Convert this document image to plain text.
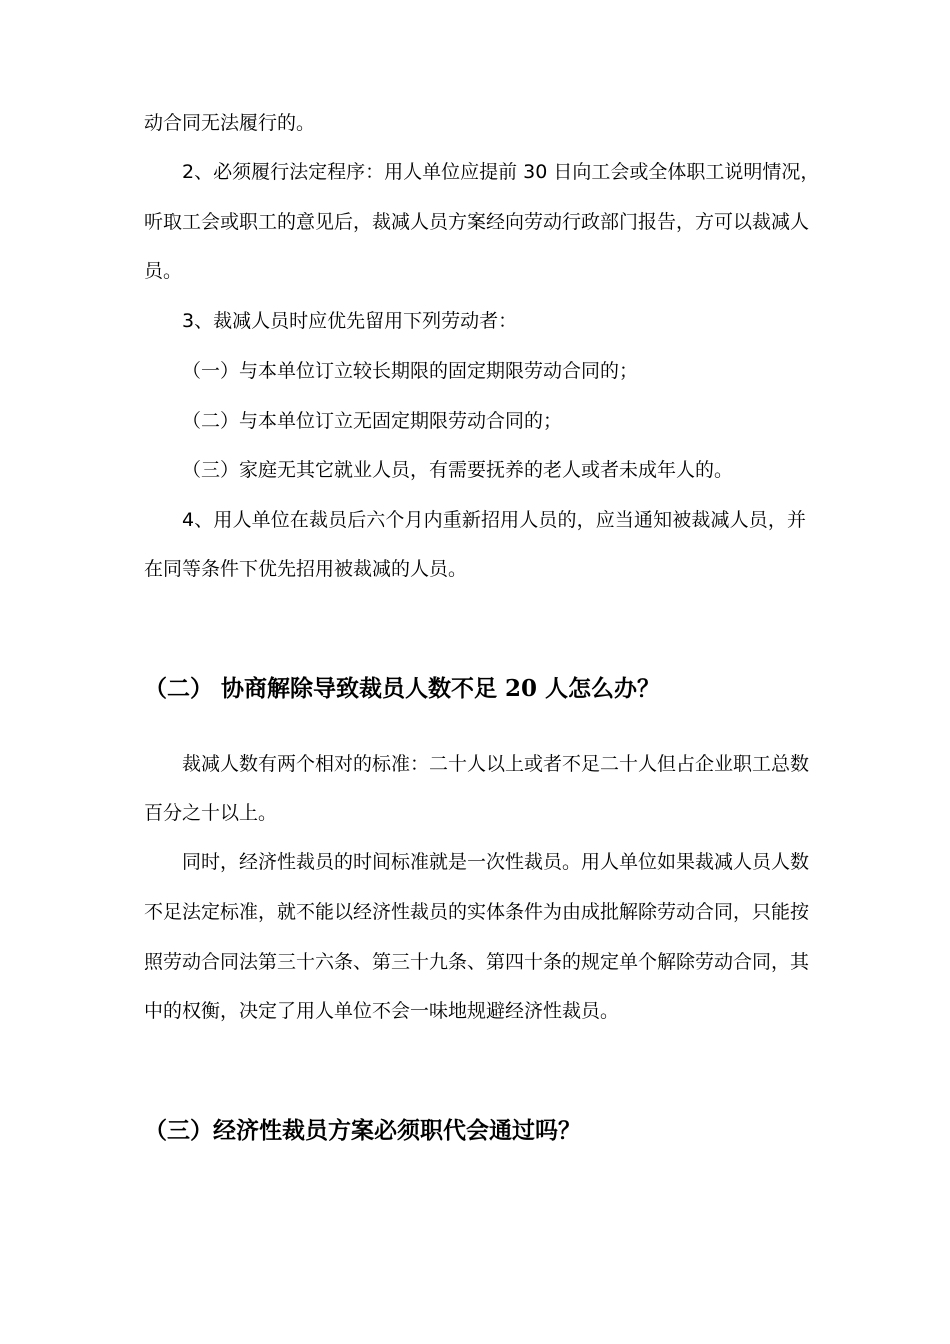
动合同无法履行的。
2、必须履行法定程序：用人单位应提前 30 日向工会或全体职工说明情况，
听取工会或职工的意见后，裁减人员方案经向劳动行政部门报告，方可以裁减人
员。
3、裁减人员时应优先留用下列劳动者：
（一）与本单位订立较长期限的固定期限劳动合同的；
（二）与本单位订立无固定期限劳动合同的；
（三）家庭无其它就业人员，有需要抚养的老人或者未成年人的。
4、用人单位在裁员后六个月内重新招用人员的，应当通知被裁减人员，并
在同等条件下优先招用被裁减的人员。
（二） 协商解除导致裁员人数不足 20 人怎么办？
裁减人数有两个相对的标准：二十人以上或者不足二十人但占企业职工总数
百分之十以上。
同时，经济性裁员的时间标准就是一次性裁员。用人单位如果裁减人员人数
不足法定标准，就不能以经济性裁员的实体条件为由成批解除劳动合同，只能按
照劳动合同法第三十六条、第三十九条、第四十条的规定单个解除劳动合同，其
中的权衡，决定了用人单位不会一味地规避经济性裁员。
（三）经济性裁员方案必须职代会通过吗？
